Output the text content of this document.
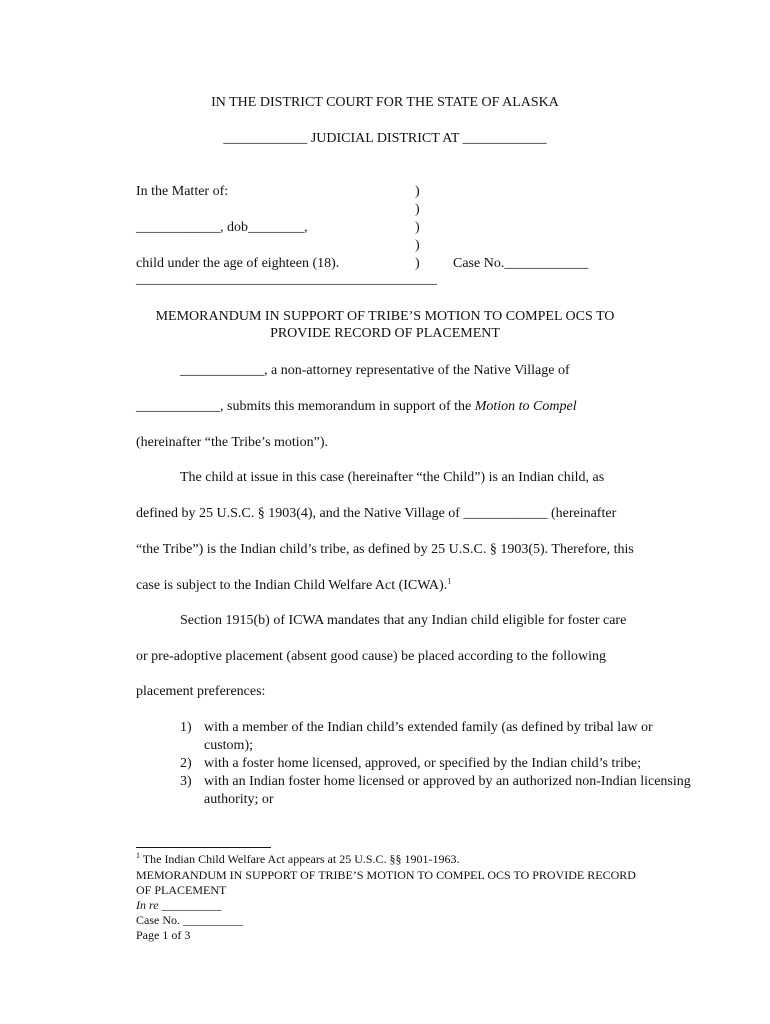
IN THE DISTRICT COURT FOR THE STATE OF ALASKA
____________ JUDICIAL DISTRICT AT ____________
In the Matter of:
____________, dob________,
child under the age of eighteen (18).
___________________________________________
)
)
)
)
) Case No.____________
MEMORANDUM IN SUPPORT OF TRIBE’S MOTION TO COMPEL OCS TO
PROVIDE RECORD OF PLACEMENT
____________, a non-attorney representative of the Native Village of
____________, submits this memorandum in support of the Motion to Compel
(hereinafter “the Tribe’s motion”).
The child at issue in this case (hereinafter “the Child”) is an Indian child, as
defined by 25 U.S.C. § 1903(4), and the Native Village of ____________ (hereinafter
“the Tribe”) is the Indian child’s tribe, as defined by 25 U.S.C. § 1903(5). Therefore, this
case is subject to the Indian Child Welfare Act (ICWA).$^1$
Section 1915(b) of ICWA mandates that any Indian child eligible for foster care
or pre-adoptive placement (absent good cause) be placed according to the following
placement preferences:
1) with a member of the Indian child’s extended family (as defined by tribal law or custom);
2) with a foster home licensed, approved, or specified by the Indian child’s tribe;
3) with an Indian foster home licensed or approved by an authorized non-Indian licensing authority; or
$^1$ The Indian Child Welfare Act appears at 25 U.S.C. §§ 1901-1963.
MEMORANDUM IN SUPPORT OF TRIBE’S MOTION TO COMPEL OCS TO PROVIDE RECORD
OF PLACEMENT
In re __________
Case No. __________
Page 1 of 3
